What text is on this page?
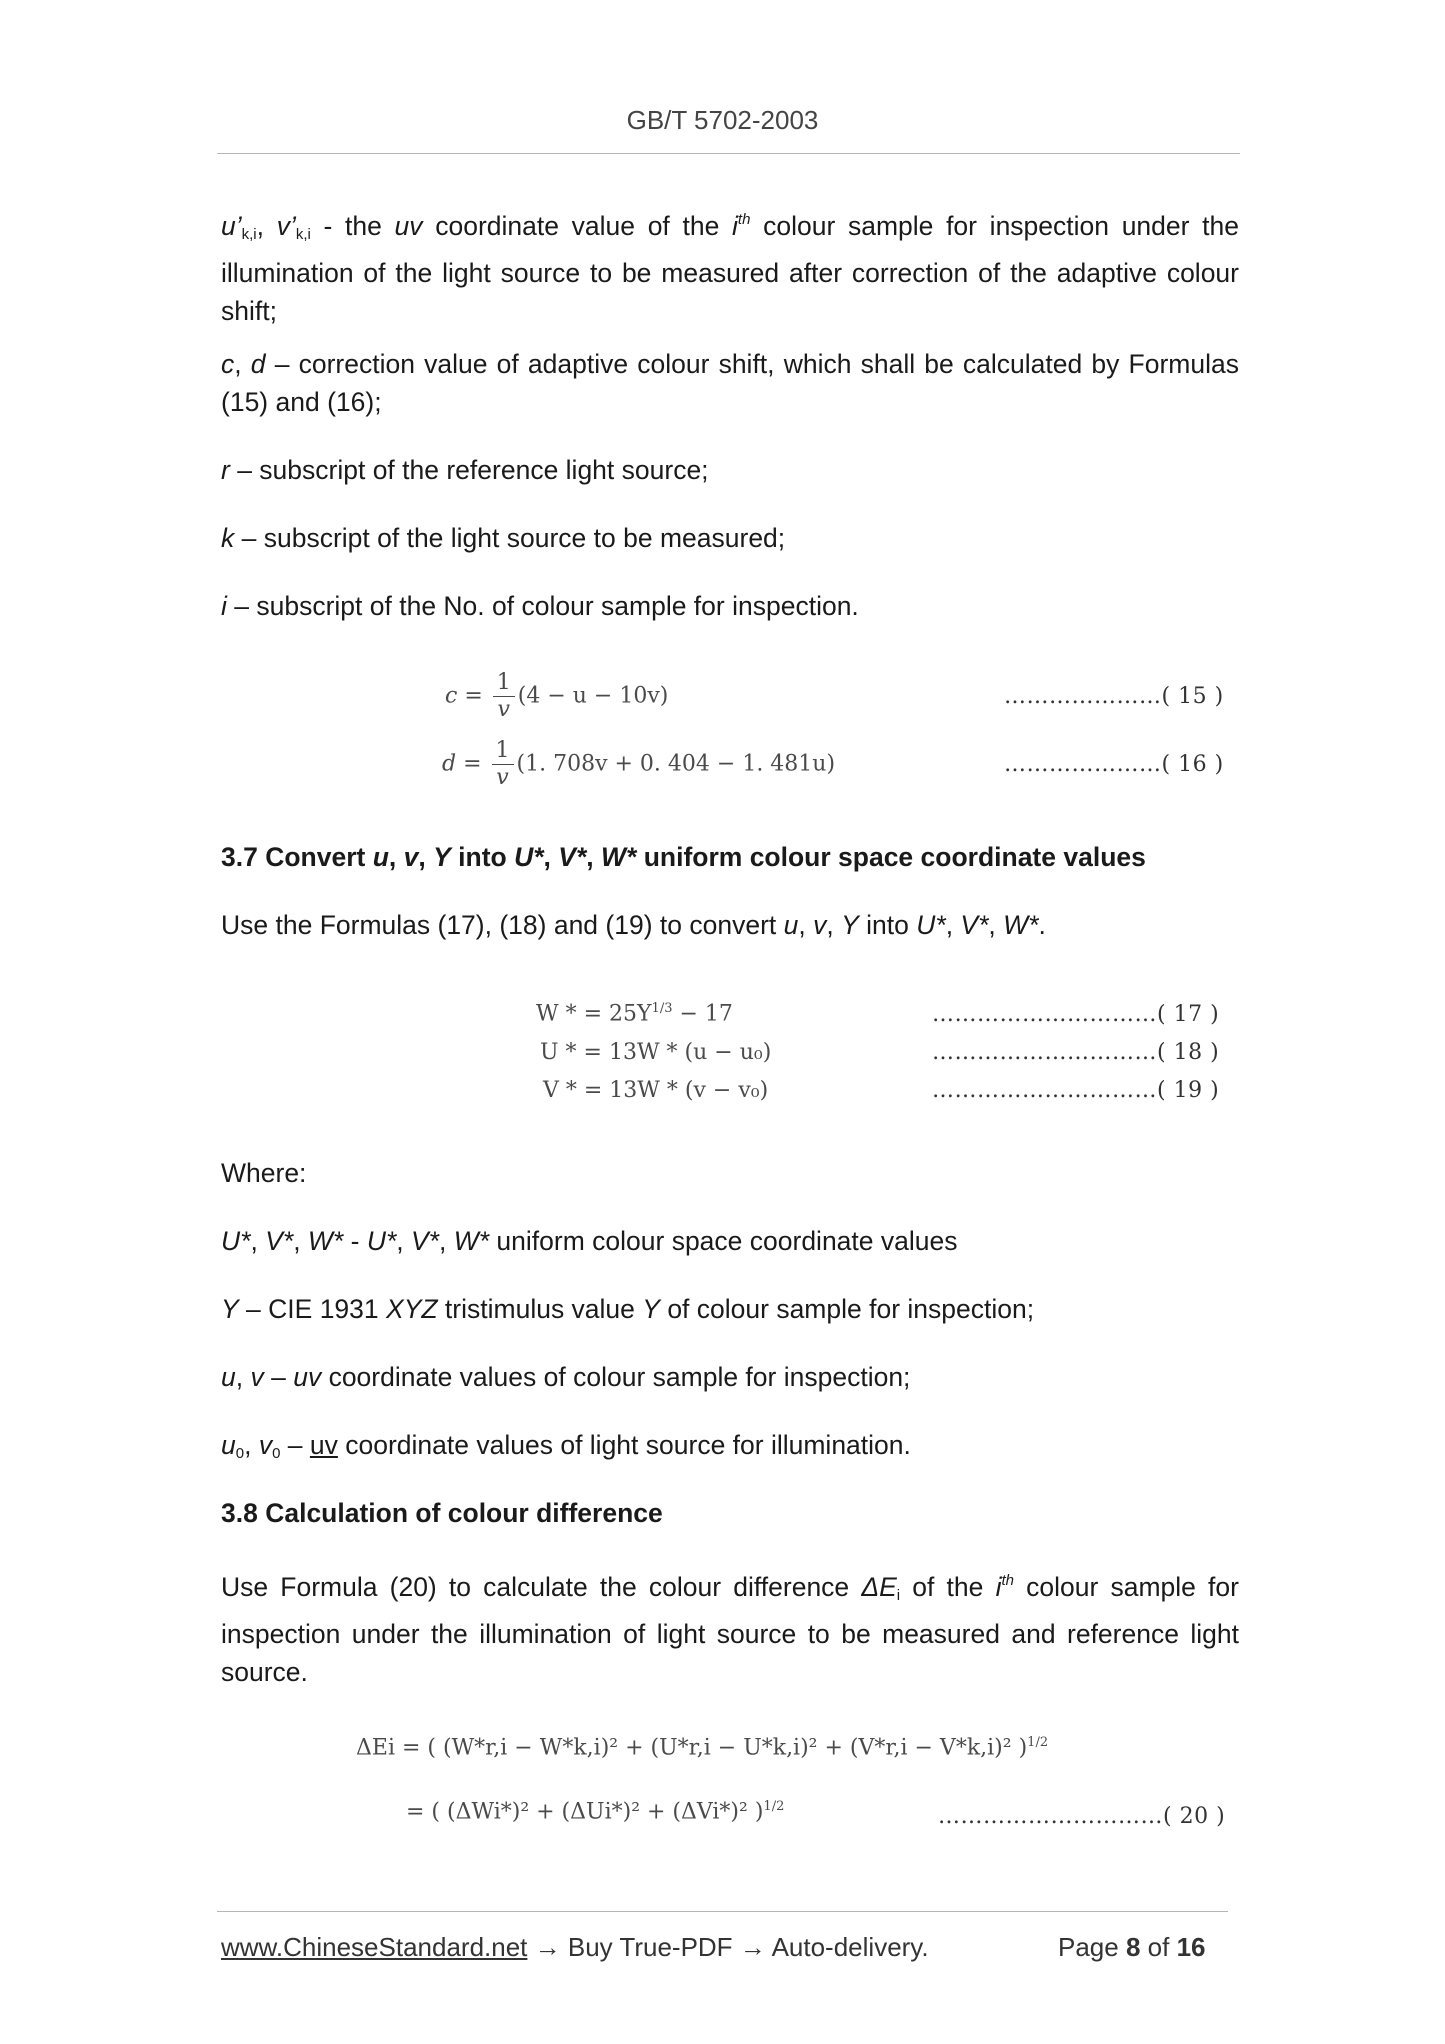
GB/T 5702-2003
$u’_{k,i}$, $v’_{k,i}$ - the uv coordinate value of the $i^{th}$ colour sample for inspection under the illumination of the light source to be measured after correction of the adaptive colour shift;
c, d – correction value of adaptive colour shift, which shall be calculated by Formulas (15) and (16);
r – subscript of the reference light source;
k – subscript of the light source to be measured;
i – subscript of the No. of colour sample for inspection.
$c = \frac{1}{v} (4 - u - 10v)$	…………………( 15 )
$d = \frac{1}{v} (1$. 708v + 0. 404 − 1. 481u)	…………………( 16 )
3.7 Convert u, v, Y into U*, V*, W* uniform colour space coordinate values
Use the Formulas (17), (18) and (19) to convert u, v, Y into U*, V*, W*.
W * = $25Y^{1/3} - 17$	…………………………( 17 )
U * = 13W * (u − u₀)	…………………………( 18 )
V * = 13W * (v − v₀)	…………………………( 19 )
Where:
U*, V*, W* - U*, V*, W* uniform colour space coordinate values
Y – CIE 1931 XYZ tristimulus value Y of colour sample for inspection;
u, v – uv coordinate values of colour sample for inspection;
$u_0$, $v_0$ – uv coordinate values of light source for illumination.
3.8 Calculation of colour difference
Use Formula (20) to calculate the colour difference $\Delta E_i$ of the $i^{th}$ colour sample for inspection under the illumination of light source to be measured and reference light source.
ΔEi = ( (W*r,i − W*k,i)² + (U*r,i − U*k,i)² + (V*r,i − V*k,i)² )$^{1/2}$
= ( (ΔWi*)² + (ΔUi*)² + (ΔVi*)² )$^{1/2}$	…………………………( 20 )
www.ChineseStandard.net → Buy True-PDF → Auto-delivery.	Page 8 of 16
